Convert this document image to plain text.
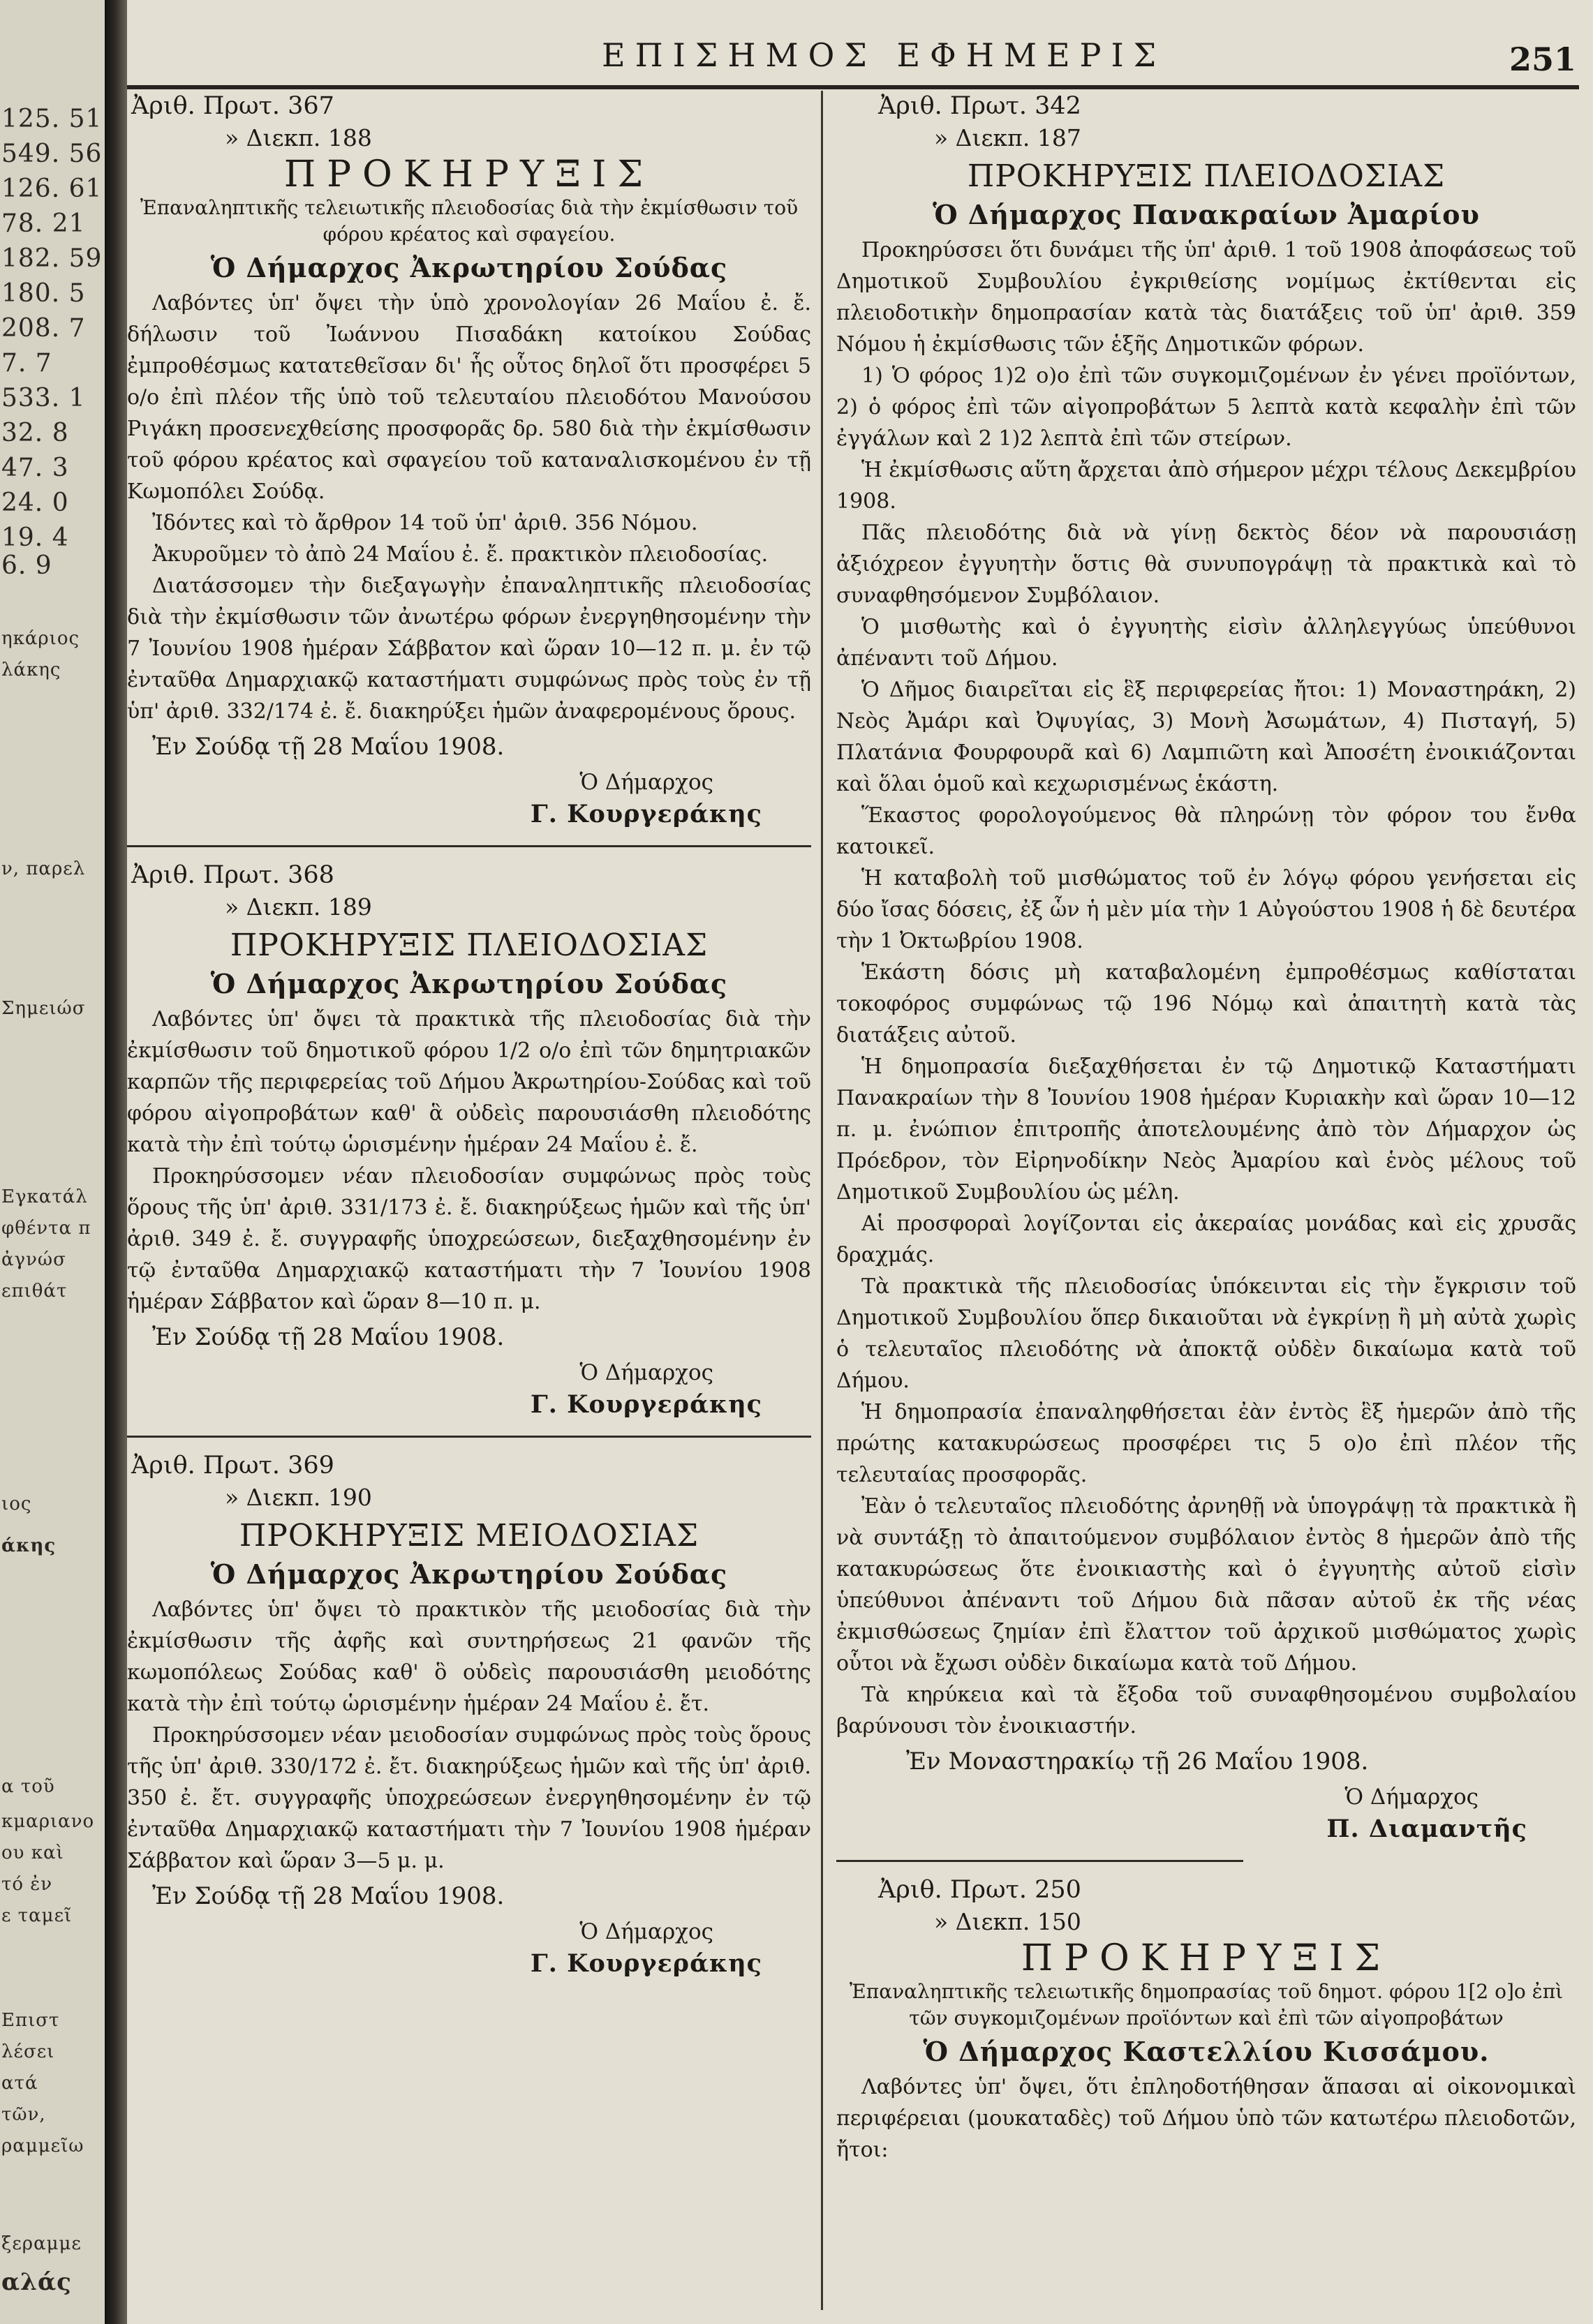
125. 51
549. 56
126. 61
78. 21
182. 59
180. 5
208. 7
7. 7
533. 1
32. 8
47. 3
24. 0
19. 4
6. 9
ηκάριος
λάκης
ν, παρελ
Σημειώσ
Εγκατάλ
φθέντα π
ἀγνώσ
επιθάτ
ιος
άκης
α τοῦ
κμαριανο
ου καὶ
τό ἐν
ε ταμεῖ
Επιστ
λέσει
ατά
τῶν,
ραμμεῖω
ξεραμμε
αλάς
ΕΠΙΣΗΜΟΣ ΕΦΗΜΕΡΙΣ	251
Ἀριθ. Πρωτ. 367
» Διεκπ. 188
ΠΡΟΚΗΡΥΞΙΣ
Ἐπαναληπτικῆς τελειωτικῆς πλειοδοσίας διὰ τὴν ἐκμίσθωσιν τοῦ φόρου κρέατος καὶ σφαγείου.
Ὁ Δήμαρχος Ἀκρωτηρίου Σούδας

Λαβόντες ὑπ' ὄψει τὴν ὑπὸ χρονολογίαν 26 Μαΐου ἐ. ἔ. δήλωσιν τοῦ Ἰωάννου Πισαδάκη κατοίκου Σούδας ἐμπροθέσμως κατατεθεῖσαν δι' ἧς οὗτος δηλοῖ ὅτι προσφέρει 5 ο/ο ἐπὶ πλέον τῆς ὑπὸ τοῦ τελευταίου πλειοδότου Μανούσου Ριγάκη προσενεχθείσης προσφορᾶς δρ. 580 διὰ τὴν ἐκμίσθωσιν τοῦ φόρου κρέατος καὶ σφαγείου τοῦ καταναλισκομένου ἐν τῇ Κωμοπόλει Σούδᾳ.

Ἰδόντες καὶ τὸ ἄρθρον 14 τοῦ ὑπ' ἀριθ. 356 Νόμου.

Ἀκυροῦμεν τὸ ἀπὸ 24 Μαΐου ἐ. ἔ. πρακτικὸν πλειοδοσίας.

Διατάσσομεν τὴν διεξαγωγὴν ἐπαναληπτικῆς πλειοδοσίας διὰ τὴν ἐκμίσθωσιν τῶν ἀνωτέρω φόρων ἐνεργηθησομένην τὴν 7 Ἰουνίου 1908 ἡμέραν Σάββατον καὶ ὥραν 10—12 π. μ. ἐν τῷ ἐνταῦθα Δημαρχιακῷ καταστήματι συμφώνως πρὸς τοὺς ἐν τῇ ὑπ' ἀριθ. 332/174 ἐ. ἔ. διακηρύξει ἡμῶν ἀναφερομένους ὅρους.

Ἐν Σούδᾳ τῇ 28 Μαΐου 1908.
Ὁ Δήμαρχος
Γ. Κουργεράκης
Ἀριθ. Πρωτ. 368
» Διεκπ. 189
ΠΡΟΚΗΡΥΞΙΣ ΠΛΕΙΟΔΟΣΙΑΣ
Ὁ Δήμαρχος Ἀκρωτηρίου Σούδας

Λαβόντες ὑπ' ὄψει τὰ πρακτικὰ τῆς πλειοδοσίας διὰ τὴν ἐκμίσθωσιν τοῦ δημοτικοῦ φόρου 1/2 ο/ο ἐπὶ τῶν δημητριακῶν καρπῶν τῆς περιφερείας τοῦ Δήμου Ἀκρωτηρίου-Σούδας καὶ τοῦ φόρου αἰγοπροβάτων καθ' ἃ οὐδεὶς παρουσιάσθη πλειοδότης κατὰ τὴν ἐπὶ τούτῳ ὡρισμένην ἡμέραν 24 Μαΐου ἐ. ἔ.

Προκηρύσσομεν νέαν πλειοδοσίαν συμφώνως πρὸς τοὺς ὅρους τῆς ὑπ' ἀριθ. 331/173 ἐ. ἔ. διακηρύξεως ἡμῶν καὶ τῆς ὑπ' ἀριθ. 349 ἐ. ἔ. συγγραφῆς ὑποχρεώσεων, διεξαχθησομένην ἐν τῷ ἐνταῦθα Δημαρχιακῷ καταστήματι τὴν 7 Ἰουνίου 1908 ἡμέραν Σάββατον καὶ ὥραν 8—10 π. μ.

Ἐν Σούδᾳ τῇ 28 Μαΐου 1908.
Ὁ Δήμαρχος
Γ. Κουργεράκης
Ἀριθ. Πρωτ. 369
» Διεκπ. 190
ΠΡΟΚΗΡΥΞΙΣ ΜΕΙΟΔΟΣΙΑΣ
Ὁ Δήμαρχος Ἀκρωτηρίου Σούδας

Λαβόντες ὑπ' ὄψει τὸ πρακτικὸν τῆς μειοδοσίας διὰ τὴν ἐκμίσθωσιν τῆς ἀφῆς καὶ συντηρήσεως 21 φανῶν τῆς κωμοπόλεως Σούδας καθ' ὃ οὐδεὶς παρουσιάσθη μειοδότης κατὰ τὴν ἐπὶ τούτῳ ὡρισμένην ἡμέραν 24 Μαΐου ἐ. ἔτ.

Προκηρύσσομεν νέαν μειοδοσίαν συμφώνως πρὸς τοὺς ὅρους τῆς ὑπ' ἀριθ. 330/172 ἐ. ἔτ. διακηρύξεως ἡμῶν καὶ τῆς ὑπ' ἀριθ. 350 ἐ. ἔτ. συγγραφῆς ὑποχρεώσεων ἐνεργηθησομένην ἐν τῷ ἐνταῦθα Δημαρχιακῷ καταστήματι τὴν 7 Ἰουνίου 1908 ἡμέραν Σάββατον καὶ ὥραν 3—5 μ. μ.

Ἐν Σούδᾳ τῇ 28 Μαΐου 1908.
Ὁ Δήμαρχος
Γ. Κουργεράκης
Ἀριθ. Πρωτ. 342
» Διεκπ. 187
ΠΡΟΚΗΡΥΞΙΣ ΠΛΕΙΟΔΟΣΙΑΣ
Ὁ Δήμαρχος Πανακραίων Ἀμαρίου

Προκηρύσσει ὅτι δυνάμει τῆς ὑπ' ἀριθ. 1 τοῦ 1908 ἀποφάσεως τοῦ Δημοτικοῦ Συμβουλίου ἐγκριθείσης νομίμως ἐκτίθενται εἰς πλειοδοτικὴν δημοπρασίαν κατὰ τὰς διατάξεις τοῦ ὑπ' ἀριθ. 359 Νόμου ἡ ἐκμίσθωσις τῶν ἑξῆς Δημοτικῶν φόρων.

1) Ὁ φόρος 1)2 ο)ο ἐπὶ τῶν συγκομιζομένων ἐν γένει προϊόντων, 2) ὁ φόρος ἐπὶ τῶν αἰγοπροβάτων 5 λεπτὰ κατὰ κεφαλὴν ἐπὶ τῶν ἐγγάλων καὶ 2 1)2 λεπτὰ ἐπὶ τῶν στείρων.

Ἡ ἐκμίσθωσις αὕτη ἄρχεται ἀπὸ σήμερον μέχρι τέλους Δεκεμβρίου 1908.

Πᾶς πλειοδότης διὰ νὰ γίνῃ δεκτὸς δέον νὰ παρουσιάσῃ ἀξιόχρεον ἐγγυητὴν ὅστις θὰ συνυπογράψῃ τὰ πρακτικὰ καὶ τὸ συναφθησόμενον Συμβόλαιον.

Ὁ μισθωτὴς καὶ ὁ ἐγγυητὴς εἰσὶν ἀλληλεγγύως ὑπεύθυνοι ἀπέναντι τοῦ Δήμου.

Ὁ Δῆμος διαιρεῖται εἰς ἓξ περιφερείας ἤτοι: 1) Μοναστηράκη, 2) Νεὸς Ἀμάρι καὶ Ὀψυγίας, 3) Μονὴ Ἀσωμάτων, 4) Πισταγή, 5) Πλατάνια Φουρφουρᾶ καὶ 6) Λαμπιῶτη καὶ Ἀποσέτη ἐνοικιάζονται καὶ ὅλαι ὁμοῦ καὶ κεχωρισμένως ἑκάστη.

Ἕκαστος φορολογούμενος θὰ πληρώνῃ τὸν φόρον του ἔνθα κατοικεῖ.

Ἡ καταβολὴ τοῦ μισθώματος τοῦ ἐν λόγῳ φόρου γενήσεται εἰς δύο ἴσας δόσεις, ἐξ ὧν ἡ μὲν μία τὴν 1 Αὐγούστου 1908 ἡ δὲ δευτέρα τὴν 1 Ὀκτωβρίου 1908.

Ἑκάστη δόσις μὴ καταβαλομένη ἐμπροθέσμως καθίσταται τοκοφόρος συμφώνως τῷ 196 Νόμῳ καὶ ἀπαιτητὴ κατὰ τὰς διατάξεις αὐτοῦ.

Ἡ δημοπρασία διεξαχθήσεται ἐν τῷ Δημοτικῷ Καταστήματι Πανακραίων τὴν 8 Ἰουνίου 1908 ἡμέραν Κυριακὴν καὶ ὥραν 10—12 π. μ. ἐνώπιον ἐπιτροπῆς ἀποτελουμένης ἀπὸ τὸν Δήμαρχον ὡς Πρόεδρον, τὸν Εἰρηνοδίκην Νεὸς Ἀμαρίου καὶ ἑνὸς μέλους τοῦ Δημοτικοῦ Συμβουλίου ὡς μέλη.

Αἱ προσφοραὶ λογίζονται εἰς ἀκεραίας μονάδας καὶ εἰς χρυσᾶς δραχμάς.

Τὰ πρακτικὰ τῆς πλειοδοσίας ὑπόκεινται εἰς τὴν ἔγκρισιν τοῦ Δημοτικοῦ Συμβουλίου ὅπερ δικαιοῦται νὰ ἐγκρίνῃ ἢ μὴ αὐτὰ χωρὶς ὁ τελευταῖος πλειοδότης νὰ ἀποκτᾷ οὐδὲν δικαίωμα κατὰ τοῦ Δήμου.

Ἡ δημοπρασία ἐπαναληφθήσεται ἐὰν ἐντὸς ἓξ ἡμερῶν ἀπὸ τῆς πρώτης κατακυρώσεως προσφέρει τις 5 ο)ο ἐπὶ πλέον τῆς τελευταίας προσφορᾶς.

Ἐὰν ὁ τελευταῖος πλειοδότης ἀρνηθῇ νὰ ὑπογράψῃ τὰ πρακτικὰ ἢ νὰ συντάξῃ τὸ ἀπαιτούμενον συμβόλαιον ἐντὸς 8 ἡμερῶν ἀπὸ τῆς κατακυρώσεως ὅτε ἐνοικιαστὴς καὶ ὁ ἐγγυητὴς αὐτοῦ εἰσὶν ὑπεύθυνοι ἀπέναντι τοῦ Δήμου διὰ πᾶσαν αὐτοῦ ἐκ τῆς νέας ἐκμισθώσεως ζημίαν ἐπὶ ἔλαττον τοῦ ἀρχικοῦ μισθώματος χωρὶς οὗτοι νὰ ἔχωσι οὐδὲν δικαίωμα κατὰ τοῦ Δήμου.

Τὰ κηρύκεια καὶ τὰ ἔξοδα τοῦ συναφθησομένου συμβολαίου βαρύνουσι τὸν ἐνοικιαστήν.

Ἐν Μοναστηρακίῳ τῇ 26 Μαΐου 1908.
Ὁ Δήμαρχος
Π. Διαμαντῆς
Ἀριθ. Πρωτ. 250
» Διεκπ. 150
ΠΡΟΚΗΡΥΞΙΣ
Ἐπαναληπτικῆς τελειωτικῆς δημοπρασίας τοῦ δημοτ. φόρου 1[2 ο]ο ἐπὶ τῶν συγκομιζομένων προϊόντων καὶ ἐπὶ τῶν αἰγοπροβάτων
Ὁ Δήμαρχος Καστελλίου Κισσάμου.

Λαβόντες ὑπ' ὄψει, ὅτι ἐπληοδοτήθησαν ἅπασαι αἱ οἰκονομικαὶ περιφέρειαι (μουκαταδὲς) τοῦ Δήμου ὑπὸ τῶν κατωτέρω πλειοδοτῶν, ἤτοι:
